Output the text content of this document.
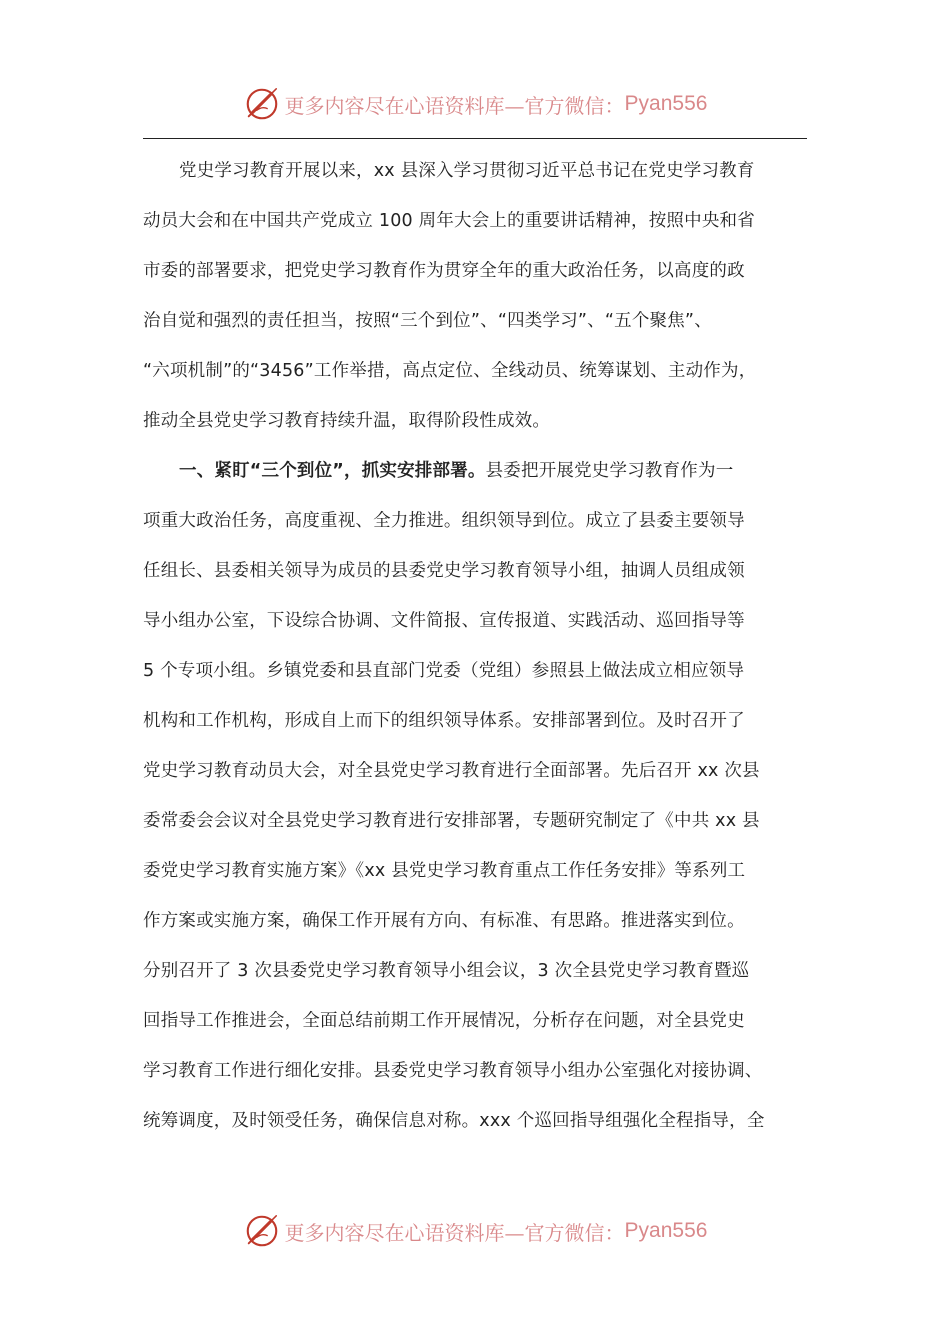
更多内容尽在心语资料库—官方微信： Pyan556
党史学习教育开展以来，xx 县深入学习贯彻习近平总书记在党史学习教育
动员大会和在中国共产党成立 100 周年大会上的重要讲话精神，按照中央和省
市委的部署要求，把党史学习教育作为贯穿全年的重大政治任务，以高度的政
治自觉和强烈的责任担当，按照“三个到位”、“四类学习”、“五个聚焦”、
“六项机制”的“3456”工作举措，高点定位、全线动员、统筹谋划、主动作为，
推动全县党史学习教育持续升温，取得阶段性成效。
一、紧盯“三个到位”，抓实安排部署。县委把开展党史学习教育作为一
项重大政治任务，高度重视、全力推进。组织领导到位。成立了县委主要领导
任组长、县委相关领导为成员的县委党史学习教育领导小组，抽调人员组成领
导小组办公室，下设综合协调、文件简报、宣传报道、实践活动、巡回指导等
5 个专项小组。乡镇党委和县直部门党委（党组）参照县上做法成立相应领导
机构和工作机构，形成自上而下的组织领导体系。安排部署到位。及时召开了
党史学习教育动员大会，对全县党史学习教育进行全面部署。先后召开 xx 次县
委常委会会议对全县党史学习教育进行安排部署，专题研究制定了《中共 xx 县
委党史学习教育实施方案》《xx 县党史学习教育重点工作任务安排》等系列工
作方案或实施方案，确保工作开展有方向、有标准、有思路。推进落实到位。
分别召开了 3 次县委党史学习教育领导小组会议，3 次全县党史学习教育暨巡
回指导工作推进会，全面总结前期工作开展情况，分析存在问题，对全县党史
学习教育工作进行细化安排。县委党史学习教育领导小组办公室强化对接协调、
统筹调度，及时领受任务，确保信息对称。xxx 个巡回指导组强化全程指导，全
更多内容尽在心语资料库—官方微信： Pyan556
